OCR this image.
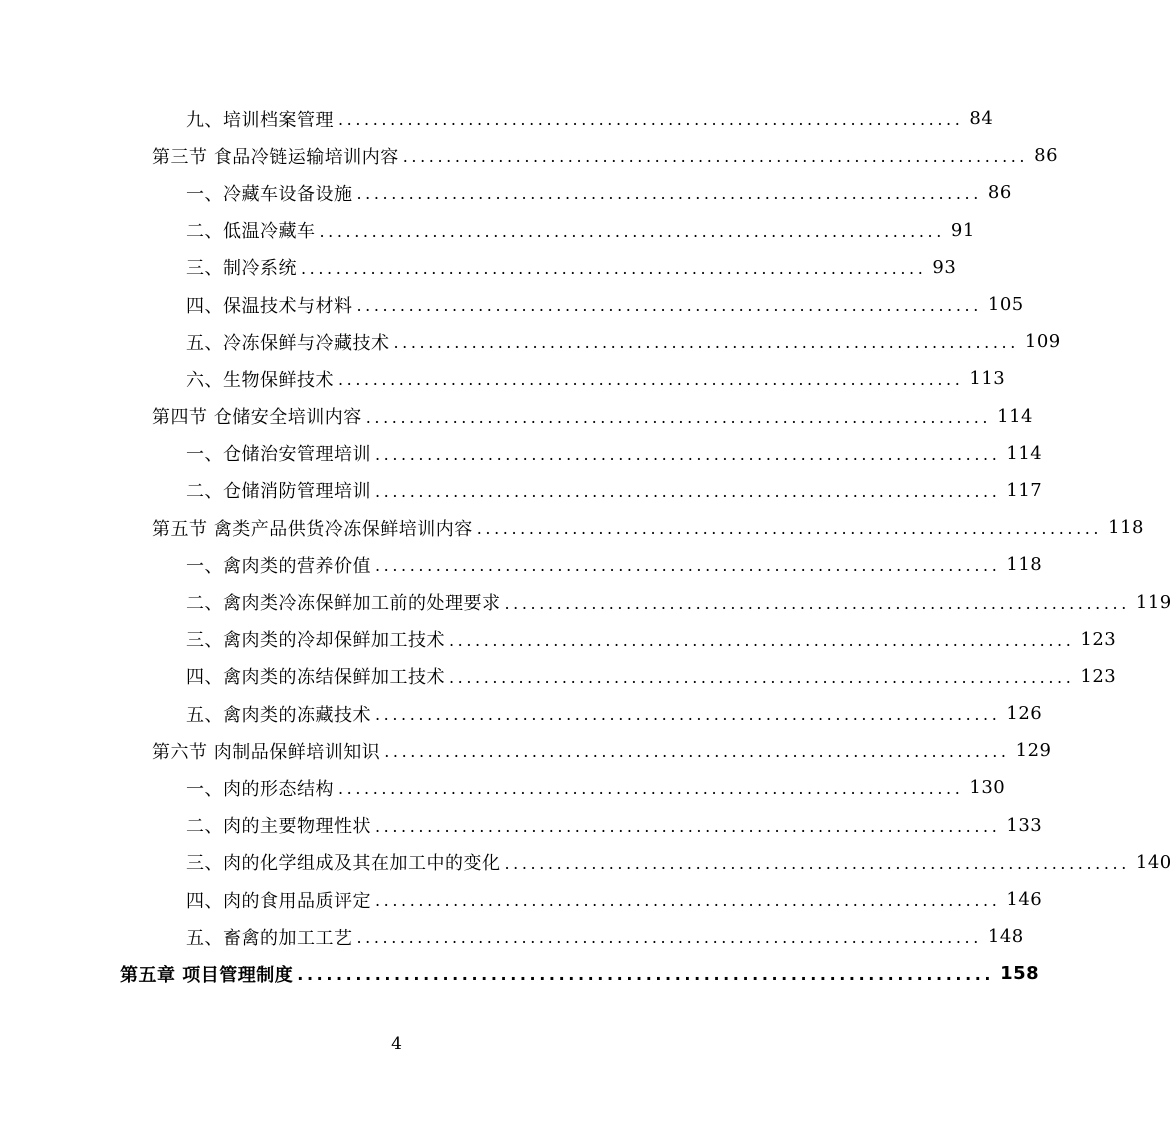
九、培训档案管理 ........................................................................ 84
第三节 食品冷链运输培训内容 ........................................................................ 86
一、冷藏车设备设施 ........................................................................ 86
二、低温冷藏车 ........................................................................ 91
三、制冷系统 ........................................................................ 93
四、保温技术与材料 ........................................................................ 105
五、冷冻保鲜与冷藏技术 ........................................................................ 109
六、生物保鲜技术 ........................................................................ 113
第四节 仓储安全培训内容 ........................................................................ 114
一、仓储治安管理培训 ........................................................................ 114
二、仓储消防管理培训 ........................................................................ 117
第五节 禽类产品供货冷冻保鲜培训内容 ........................................................................ 118
一、禽肉类的营养价值 ........................................................................ 118
二、禽肉类冷冻保鲜加工前的处理要求 ........................................................................ 119
三、禽肉类的冷却保鲜加工技术 ........................................................................ 123
四、禽肉类的冻结保鲜加工技术 ........................................................................ 123
五、禽肉类的冻藏技术 ........................................................................ 126
第六节 肉制品保鲜培训知识 ........................................................................ 129
一、肉的形态结构 ........................................................................ 130
二、肉的主要物理性状 ........................................................................ 133
三、肉的化学组成及其在加工中的变化 ........................................................................ 140
四、肉的食用品质评定 ........................................................................ 146
五、畜禽的加工工艺 ........................................................................ 148
第五章 项目管理制度 ........................................................................ 158
4
